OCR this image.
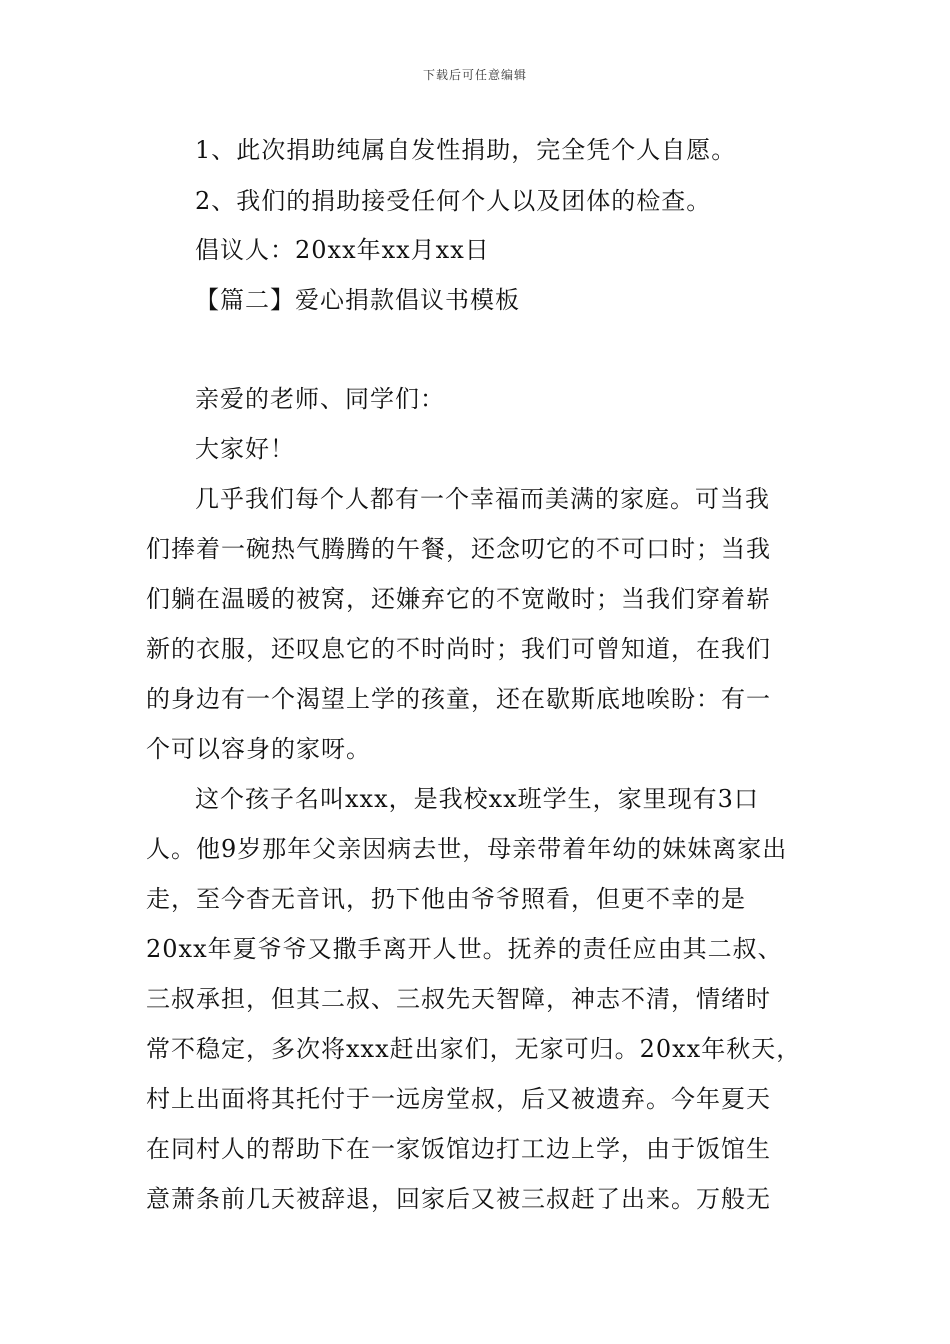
下载后可任意编辑
1、此次捐助纯属自发性捐助，完全凭个人自愿。
2、我们的捐助接受任何个人以及团体的检查。
倡议人：20xx年xx月xx日
【篇二】爱心捐款倡议书模板
亲爱的老师、同学们：
大家好！
几乎我们每个人都有一个幸福而美满的家庭。可当我
们捧着一碗热气腾腾的午餐，还念叨它的不可口时；当我
们躺在温暖的被窝，还嫌弃它的不宽敞时；当我们穿着崭
新的衣服，还叹息它的不时尚时；我们可曾知道，在我们
的身边有一个渴望上学的孩童，还在歇斯底地唉盼：有一
个可以容身的家呀。
这个孩子名叫xxx，是我校xx班学生，家里现有3口
人。他9岁那年父亲因病去世，母亲带着年幼的妹妹离家出
走，至今杳无音讯，扔下他由爷爷照看，但更不幸的是
20xx年夏爷爷又撒手离开人世。抚养的责任应由其二叔、
三叔承担，但其二叔、三叔先天智障，神志不清，情绪时
常不稳定，多次将xxx赶出家们，无家可归。20xx年秋天，
村上出面将其托付于一远房堂叔，后又被遗弃。今年夏天
在同村人的帮助下在一家饭馆边打工边上学，由于饭馆生
意萧条前几天被辞退，回家后又被三叔赶了出来。万般无
